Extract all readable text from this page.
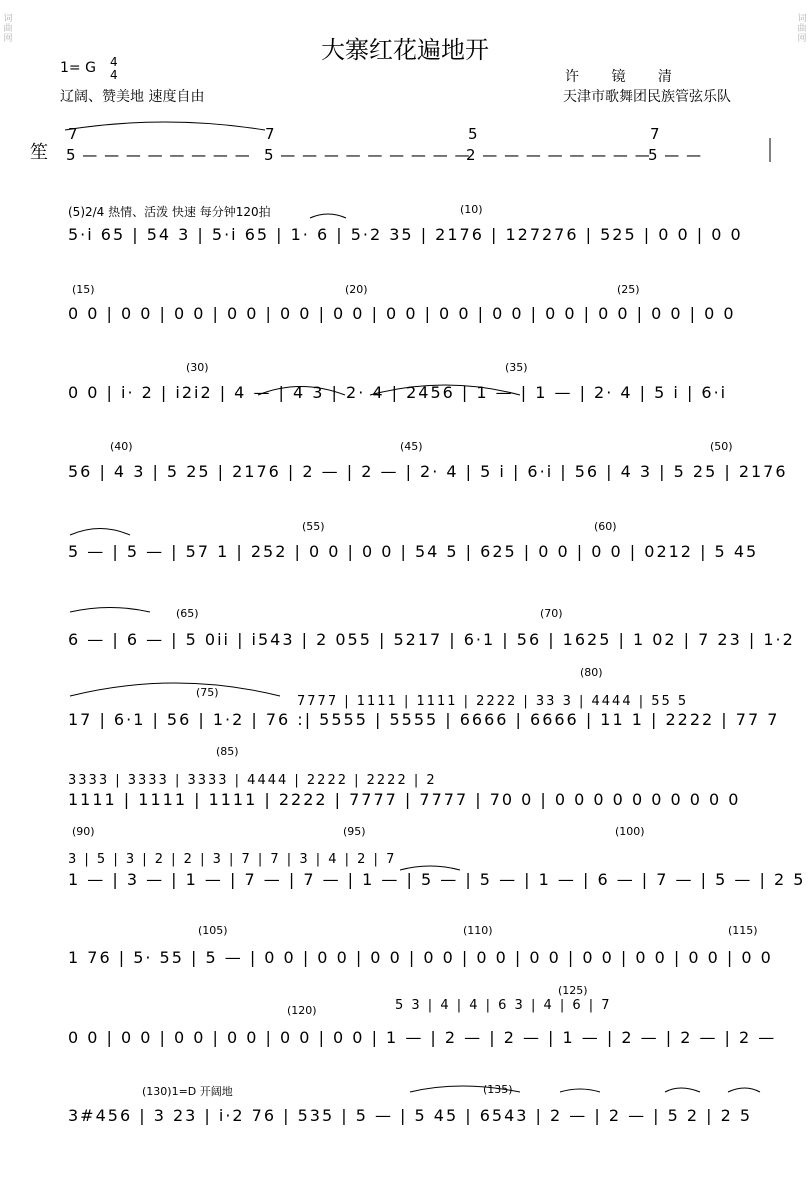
词曲网
词曲网
大寨红花遍地开
1= G 4
4
辽阔、赞美地 速度自由
许 镜 清
天津市歌舞团民族管弦乐队
笙
7	7	5	7
5 — — — — — — — — 5 — — — — — — — — —
2 — — — — — — — —
5 — —
(5)2/4 热情、活泼 快速 每分钟120拍	(10)
5·i 65 | 54 3 | 5·i 65 | 1· 6 | 5·2 35 | 2176 | 127276 | 525 | 0 0 | 0 0
(15)	(20)	(25)
0 0 | 0 0 | 0 0 | 0 0 | 0 0 | 0 0 | 0 0 | 0 0 | 0 0 | 0 0 | 0 0 | 0 0 | 0 0
(30)	(35)
0 0 | i· 2 | i2i2 | 4 — | 4 3 | 2· 4 | 2456 | 1 — | 1 — | 2· 4 | 5 i | 6·i
(40)	(45)	(50)
56 | 4 3 | 5 25 | 2176 | 2 — | 2 — | 2· 4 | 5 i | 6·i | 56 | 4 3 | 5 25 | 2176
(55)	(60)
5 — | 5 — | 57 1 | 252 | 0 0 | 0 0 | 54 5 | 625 | 0 0 | 0 0 | 0212 | 5 45
(65)	(70)
6 — | 6 — | 5 0ii | i543 | 2 055 | 5217 | 6·1 | 56 | 1625 | 1 02 | 7 23 | 1·2
(75)
(80)
7777 | 1111 | 1111 | 2222 | 33 3 | 4444 | 55 5
17 | 6·1 | 56 | 1·2 | 76 :| 5555 | 5555 | 6666 | 6666 | 11 1 | 2222 | 77 7
(85)
3333 | 3333 | 3333 | 4444 | 2222 | 2222 | 2
1111 | 1111 | 1111 | 2222 | 7777 | 7777 | 70 0 | 0 0 0 0 0 0 0 0 0 0
(90)	(95)	(100)
3 | 5 | 3 | 2 | 2 | 3 | 7 | 7 | 3 | 4 | 2 | 7
1 — | 3 — | 1 — | 7 — | 7 — | 1 — | 5 — | 5 — | 1 — | 6 — | 7 — | 5 — | 2 5
(105)	(110)	(115)
1 76 | 5· 55 | 5 — | 0 0 | 0 0 | 0 0 | 0 0 | 0 0 | 0 0 | 0 0 | 0 0 | 0 0 | 0 0
(120)
(125)
5 3 | 4 | 4 | 6 3 | 4 | 6 | 7
0 0 | 0 0 | 0 0 | 0 0 | 0 0 | 0 0 | 1 — | 2 — | 2 — | 1 — | 2 — | 2 — | 2 —
(130)1=D 开阔地	(135)
3#456 | 3 23 | i·2 76 | 535 | 5 — | 5 45 | 6543 | 2 — | 2 — | 5 2 | 2 5
